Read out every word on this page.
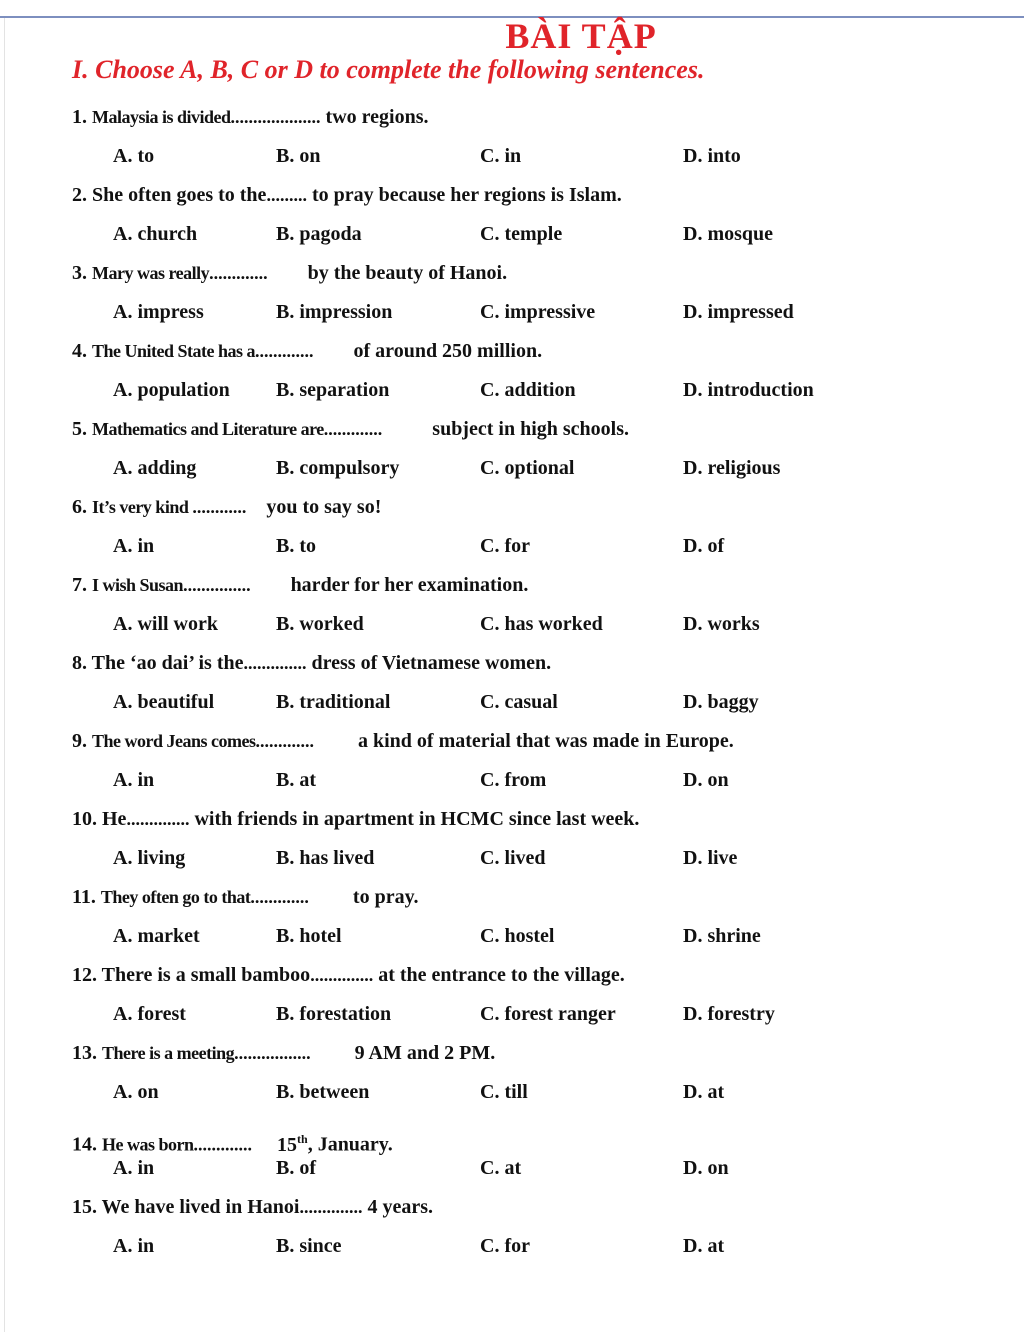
BÀI TẬP
I. Choose A, B, C or D to complete the following sentences.
1. Malaysia is divided.................... two regions.
A. to	B. on	C. in	D. into
2. She often goes to the......... to pray because her regions is Islam.
A. church	B. pagoda	C. temple	D. mosque
3. Mary was really............. by the beauty of Hanoi.
A. impress	B. impression	C. impressive	D. impressed
4. The United State has a............. of around 250 million.
A. population B. separation	C. addition	D. introduction
5. Mathematics and Literature are.............	subject in high schools.
A. adding	B. compulsory	C. optional	D. religious
6. It’s very kind ............ you to say so!
A. in	B. to	C. for	D. of
7. I wish Susan............... harder for her examination.
A. will work	B. worked	C. has worked	D. works
8. The ‘ao dai’ is the.............. dress of Vietnamese women.
A. beautiful	B. traditional	C. casual	D. baggy
9. The word Jeans comes............. a kind of material that was made in Europe.
A. in	B. at	C. from	D. on
10. He.............. with friends in apartment in HCMC since last week.
A. living	B. has lived	C. lived	D. live
11. They often go to that............. to pray.
A. market	B. hotel	C. hostel	D. shrine
12. There is a small bamboo.............. at the entrance to the village.
A. forest	B. forestation	C. forest ranger	D. forestry
13. There is a meeting................. 9 AM and 2 PM.
A. on	B. between	C. till	D. at
14. He was born............. 15th, January.
A. in	B. of	C. at	D. on
15. We have lived in Hanoi.............. 4 years.
A. in	B. since	C. for	D. at
